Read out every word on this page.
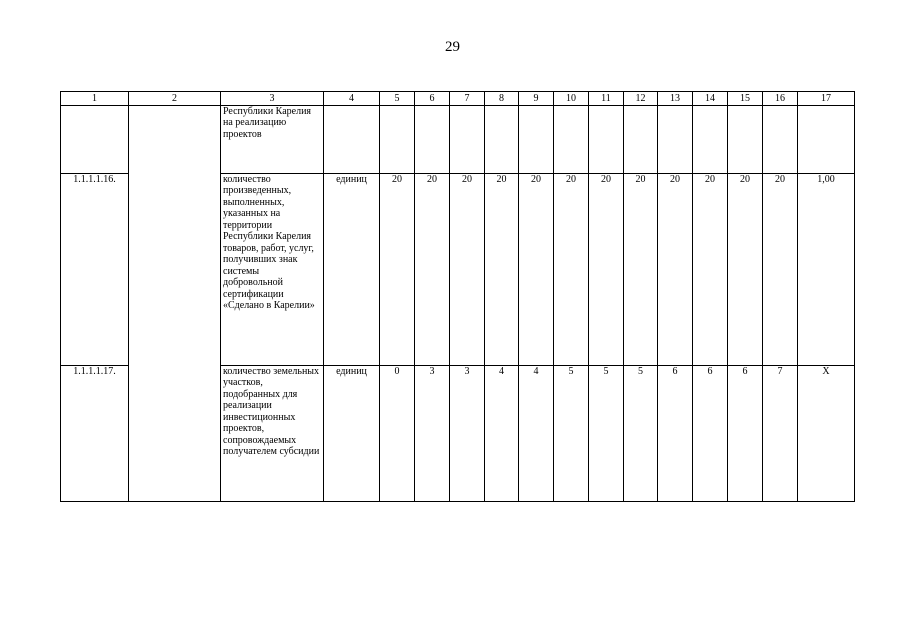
29
1	2	3	4	5	6	7	8	9	10	11	12	13	14	15	16	17
		Республики Карелия на реализацию проектов														
1.1.1.1.16.		количество произведенных, выполненных, указанных на территории Республики Карелия товаров, работ, услуг, получивших знак системы добровольной сертификации «Сделано в Карелии»	единиц	20	20	20	20	20	20	20	20	20	20	20	20	1,00
1.1.1.1.17.		количество земельных участков, подобранных для реализации инвестиционных проектов, сопровождаемых получателем субсидии	единиц	0	3	3	4	4	5	5	5	6	6	6	7	Х
